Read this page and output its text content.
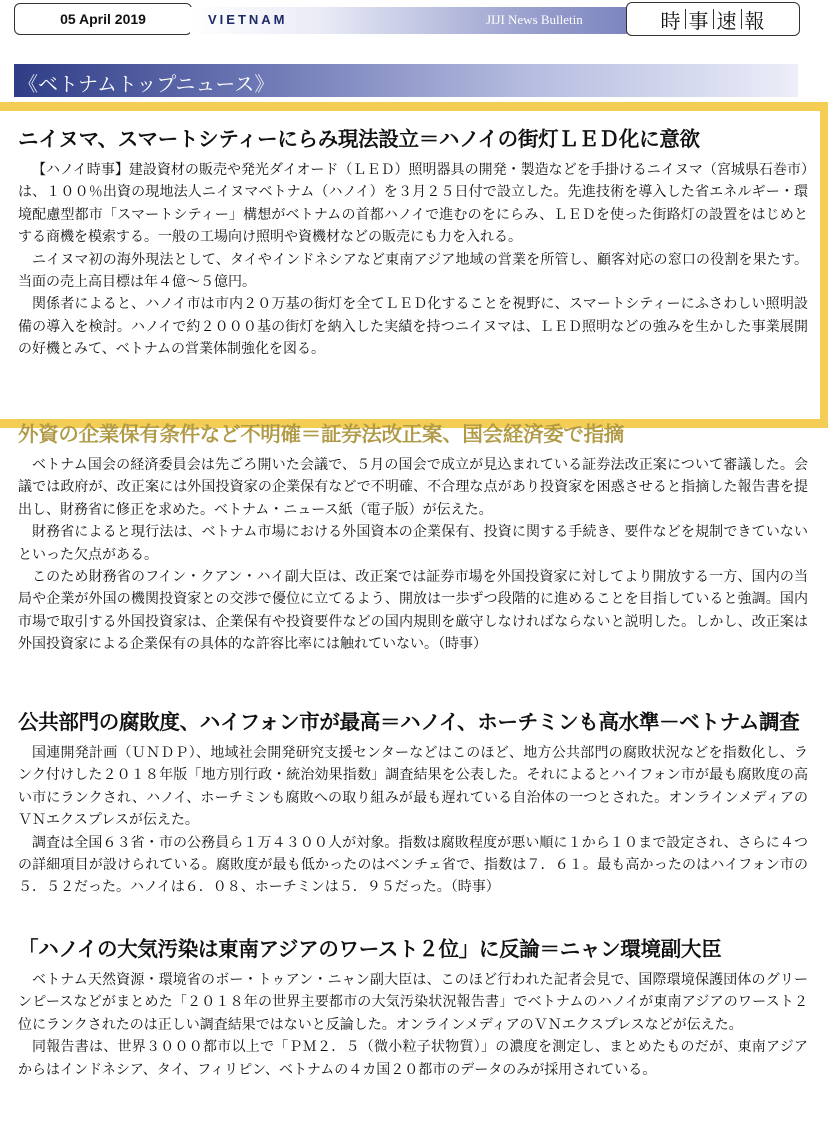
05 April 2019	VIETNAM	JIJI News Bulletin	時 事 速 報
《ベトナムトップニュース》
ニイヌマ、スマートシティーにらみ現法設立＝ハノイの街灯ＬＥＤ化に意欲

【ハノイ時事】建設資材の販売や発光ダイオード（ＬＥＤ）照明器具の開発・製造などを手掛けるニイヌマ（宮城県石巻市）は、１００％出資の現地法人ニイヌマベトナム（ハノイ）を３月２５日付で設立した。先進技術を導入した省エネルギー・環境配慮型都市「スマートシティー」構想がベトナムの首都ハノイで進むのをにらみ、ＬＥＤを使った街路灯の設置をはじめとする商機を模索する。一般の工場向け照明や資機材などの販売にも力を入れる。

ニイヌマ初の海外現法として、タイやインドネシアなど東南アジア地域の営業を所管し、顧客対応の窓口の役割を果たす。当面の売上高目標は年４億～５億円。

関係者によると、ハノイ市は市内２０万基の街灯を全てＬＥＤ化することを視野に、スマートシティーにふさわしい照明設備の導入を検討。ハノイで約２０００基の街灯を納入した実績を持つニイヌマは、ＬＥＤ照明などの強みを生かした事業展開の好機とみて、ベトナムの営業体制強化を図る。

外資の企業保有条件など不明確＝証券法改正案、国会経済委で指摘

ベトナム国会の経済委員会は先ごろ開いた会議で、５月の国会で成立が見込まれている証券法改正案について審議した。会議では政府が、改正案には外国投資家の企業保有などで不明確、不合理な点があり投資家を困惑させると指摘した報告書を提出し、財務省に修正を求めた。ベトナム・ニュース紙（電子版）が伝えた。

財務省によると現行法は、ベトナム市場における外国資本の企業保有、投資に関する手続き、要件などを規制できていないといった欠点がある。

このため財務省のフイン・クアン・ハイ副大臣は、改正案では証券市場を外国投資家に対してより開放する一方、国内の当局や企業が外国の機関投資家との交渉で優位に立てるよう、開放は一歩ずつ段階的に進めることを目指していると強調。国内市場で取引する外国投資家は、企業保有や投資要件などの国内規則を厳守しなければならないと説明した。しかし、改正案は外国投資家による企業保有の具体的な許容比率には触れていない。（時事）

公共部門の腐敗度、ハイフォン市が最高＝ハノイ、ホーチミンも高水準－ベトナム調査

国連開発計画（ＵＮＤＰ）、地域社会開発研究支援センターなどはこのほど、地方公共部門の腐敗状況などを指数化し、ランク付けした２０１８年版「地方別行政・統治効果指数」調査結果を公表した。それによるとハイフォン市が最も腐敗度の高い市にランクされ、ハノイ、ホーチミンも腐敗への取り組みが最も遅れている自治体の一つとされた。オンラインメディアのＶＮエクスプレスが伝えた。

調査は全国６３省・市の公務員ら１万４３００人が対象。指数は腐敗程度が悪い順に１から１０まで設定され、さらに４つの詳細項目が設けられている。腐敗度が最も低かったのはベンチェ省で、指数は７．６１。最も高かったのはハイフォン市の５．５２だった。ハノイは６．０８、ホーチミンは５．９５だった。（時事）

「ハノイの大気汚染は東南アジアのワースト２位」に反論＝ニャン環境副大臣

ベトナム天然資源・環境省のボー・トゥアン・ニャン副大臣は、このほど行われた記者会見で、国際環境保護団体のグリーンピースなどがまとめた「２０１８年の世界主要都市の大気汚染状況報告書」でベトナムのハノイが東南アジアのワースト２位にランクされたのは正しい調査結果ではないと反論した。オンラインメディアのＶＮエクスプレスなどが伝えた。

同報告書は、世界３０００都市以上で「ＰＭ２．５（微小粒子状物質）」の濃度を測定し、まとめたものだが、東南アジアからはインドネシア、タイ、フィリピン、ベトナムの４カ国２０都市のデータのみが採用されている。
